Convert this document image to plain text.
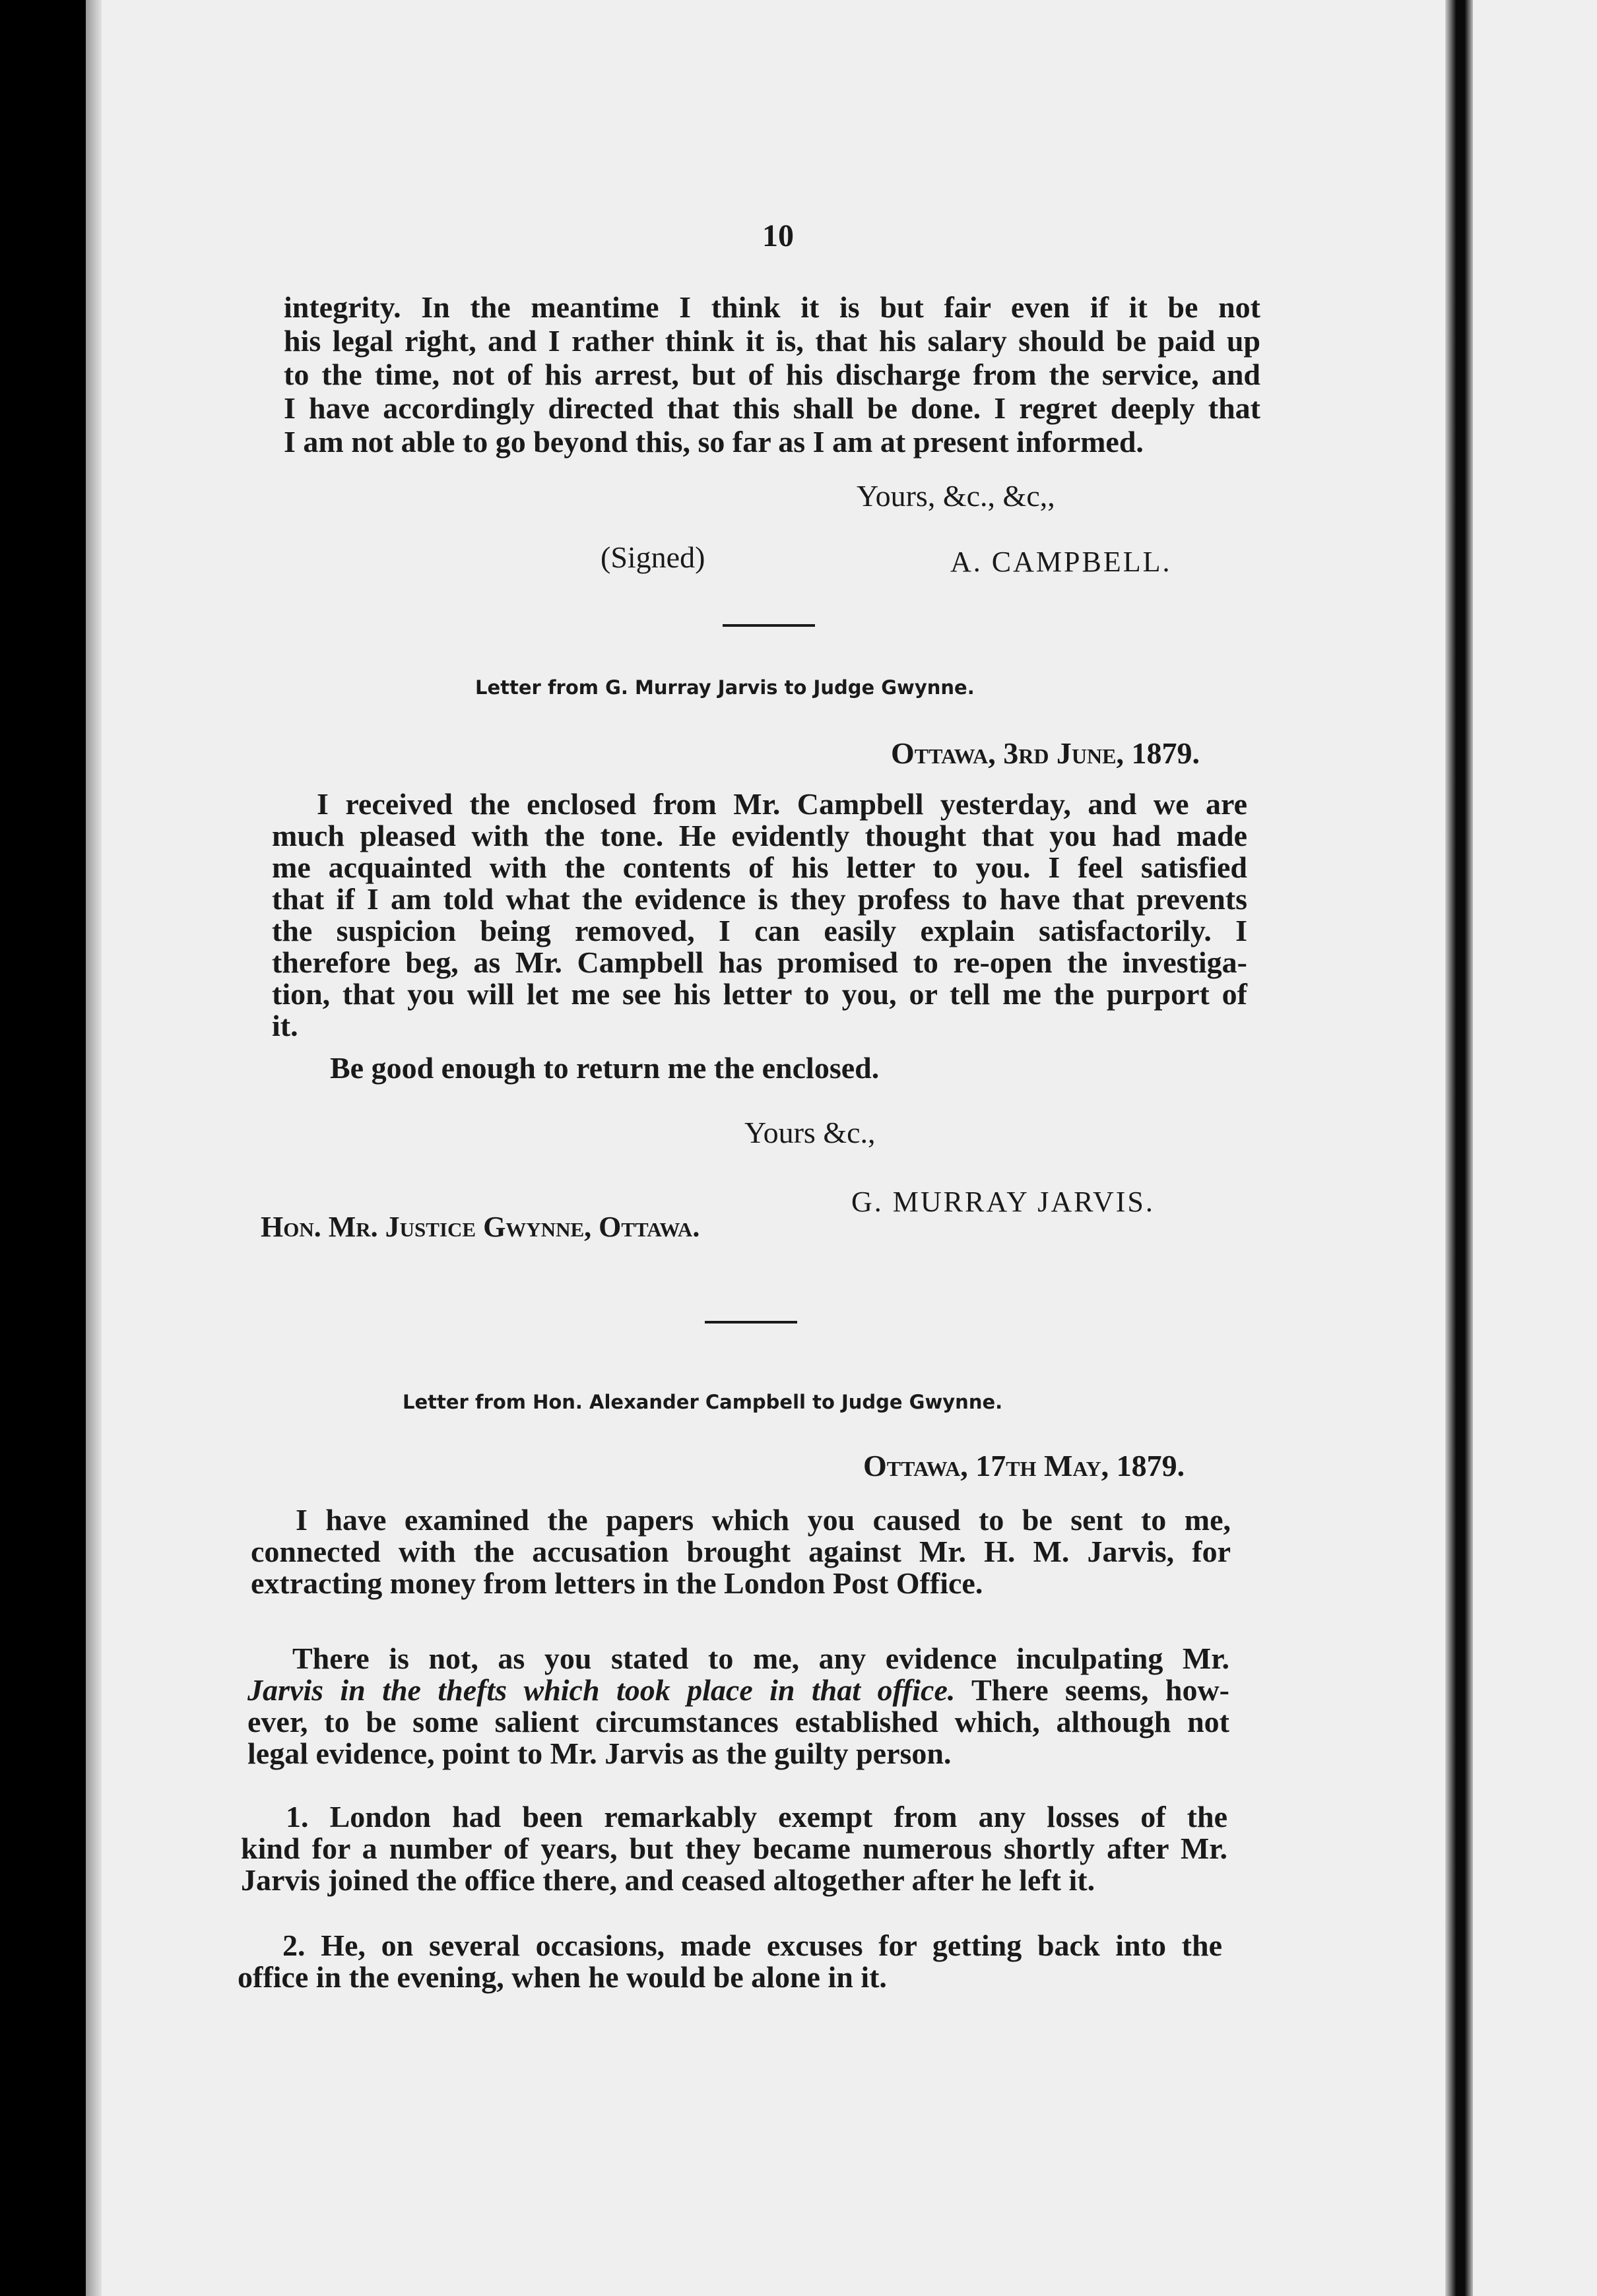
10
integrity. In the meantime I think it is but fair even if it be not
his legal right, and I rather think it is, that his salary should be paid up
to the time, not of his arrest, but of his discharge from the service, and
I have accordingly directed that this shall be done. I regret deeply that
I am not able to go beyond this, so far as I am at present informed.
Yours, &c., &c,,
(Signed)	A. CAMPBELL.
Letter from G. Murray Jarvis to Judge Gwynne.
Ottawa, 3rd June, 1879.
I received the enclosed from Mr. Campbell yesterday, and we are
much pleased with the tone. He evidently thought that you had made
me acquainted with the contents of his letter to you. I feel satisfied
that if I am told what the evidence is they profess to have that prevents
the suspicion being removed, I can easily explain satisfactorily. I
therefore beg, as Mr. Campbell has promised to re-open the investiga-
tion, that you will let me see his letter to you, or tell me the purport of
it.
Be good enough to return me the enclosed.
Yours &c.,
G. MURRAY JARVIS.
Hon. Mr. Justice Gwynne, Ottawa.
Letter from Hon. Alexander Campbell to Judge Gwynne.
Ottawa, 17th May, 1879.
I have examined the papers which you caused to be sent to me,
connected with the accusation brought against Mr. H. M. Jarvis, for
extracting money from letters in the London Post Office.
There is not, as you stated to me, any evidence inculpating Mr.
Jarvis in the thefts which took place in that office. There seems, how-
ever, to be some salient circumstances established which, although not
legal evidence, point to Mr. Jarvis as the guilty person.
1. London had been remarkably exempt from any losses of the
kind for a number of years, but they became numerous shortly after Mr.
Jarvis joined the office there, and ceased altogether after he left it.
2. He, on several occasions, made excuses for getting back into the
office in the evening, when he would be alone in it.
